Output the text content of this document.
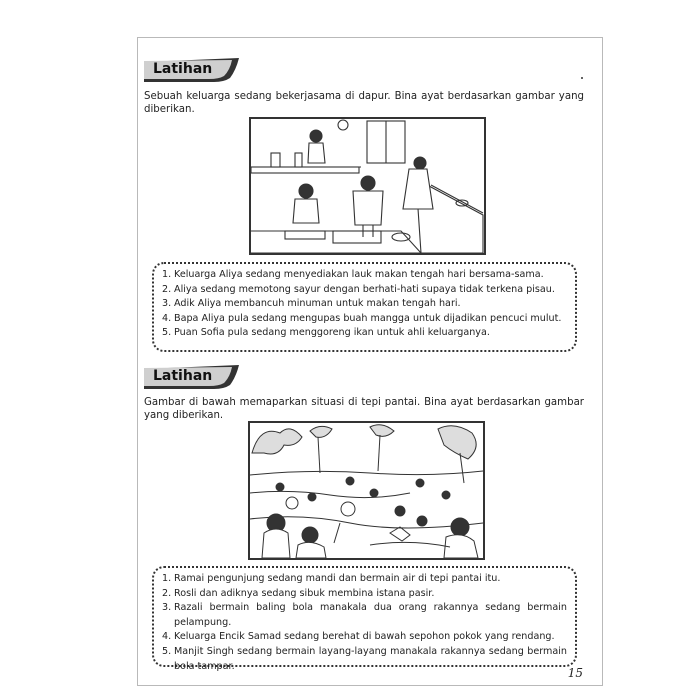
Latihan
Sebuah keluarga sedang bekerjasama di dapur. Bina ayat berdasarkan gambar yang diberikan.
1. Keluarga Aliya sedang menyediakan lauk makan tengah hari bersama-sama.
2. Aliya sedang memotong sayur dengan berhati-hati supaya tidak terkena pisau.
3. Adik Aliya membancuh minuman untuk makan tengah hari.
4. Bapa Aliya pula sedang mengupas buah mangga untuk dijadikan pencuci mulut.
5. Puan Sofia pula sedang menggoreng ikan untuk ahli keluarganya.
Latihan
Gambar di bawah memaparkan situasi di tepi pantai. Bina ayat berdasarkan gambar yang diberikan.
1. Ramai pengunjung sedang mandi dan bermain air di tepi pantai itu.
2. Rosli dan adiknya sedang sibuk membina istana pasir.
3. Razali bermain baling bola manakala dua orang rakannya sedang bermain pelampung.
4. Keluarga Encik Samad sedang berehat di bawah sepohon pokok yang rendang.
5. Manjit Singh sedang bermain layang-layang manakala rakannya sedang bermain bola tampar.	15
